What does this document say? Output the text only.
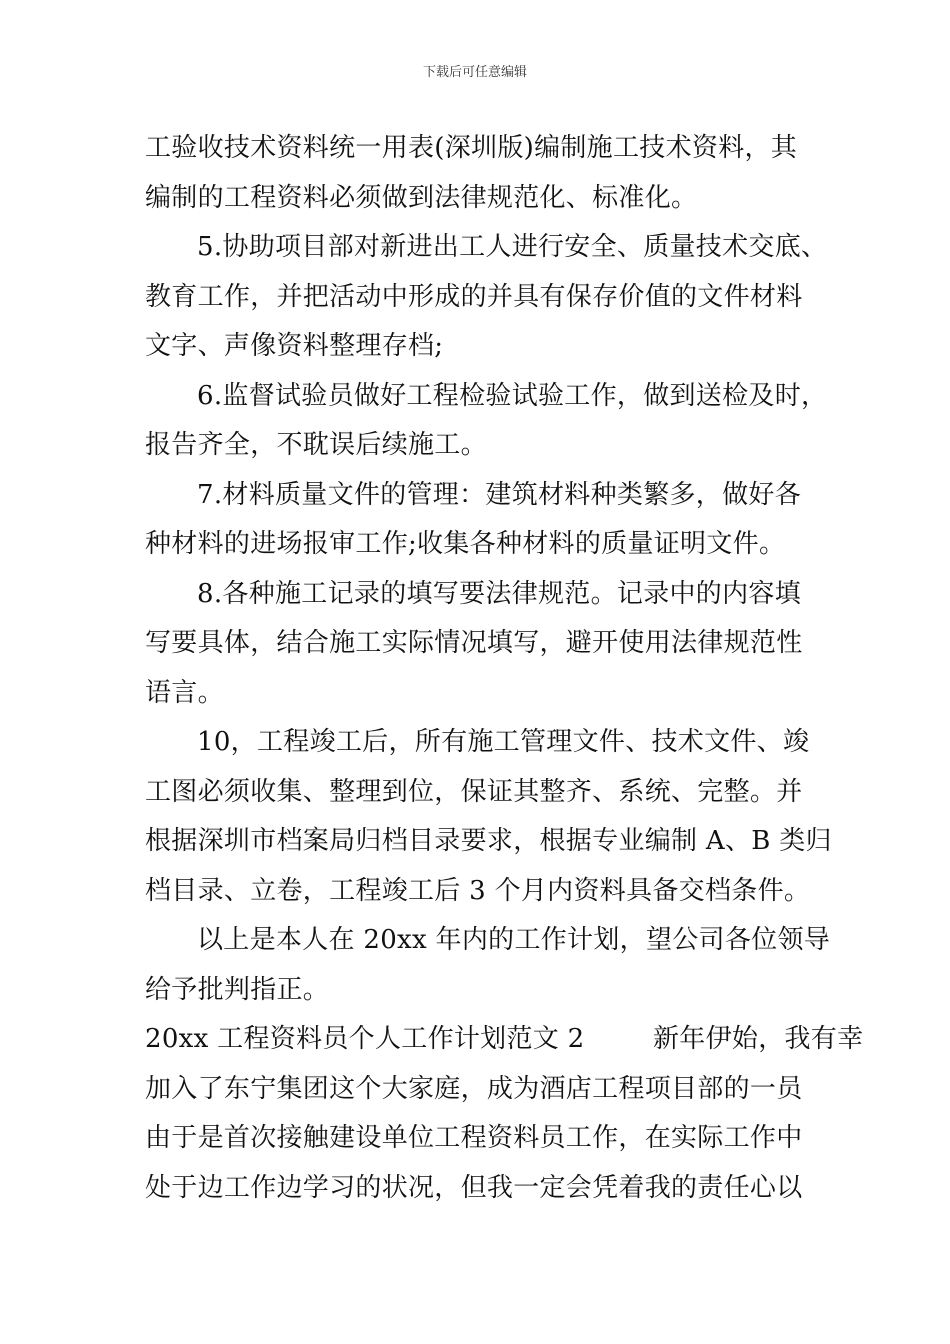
下载后可任意编辑
工验收技术资料统一用表(深圳版)编制施工技术资料，其
编制的工程资料必须做到法律规范化、标准化。
5.协助项目部对新进出工人进行安全、质量技术交底、
教育工作，并把活动中形成的并具有保存价值的文件材料
文字、声像资料整理存档;
6.监督试验员做好工程检验试验工作，做到送检及时，
报告齐全，不耽误后续施工。
7.材料质量文件的管理：建筑材料种类繁多，做好各
种材料的进场报审工作;收集各种材料的质量证明文件。
8.各种施工记录的填写要法律规范。记录中的内容填
写要具体，结合施工实际情况填写，避开使用法律规范性
语言。
10，工程竣工后，所有施工管理文件、技术文件、竣
工图必须收集、整理到位，保证其整齐、系统、完整。并
根据深圳市档案局归档目录要求，根据专业编制 A、B 类归
档目录、立卷，工程竣工后 3 个月内资料具备交档条件。
以上是本人在 20xx 年内的工作计划，望公司各位领导
给予批判指正。
20xx 工程资料员个人工作计划范文 2        新年伊始，我有幸
加入了东宁集团这个大家庭，成为酒店工程项目部的一员
由于是首次接触建设单位工程资料员工作，在实际工作中
处于边工作边学习的状况，但我一定会凭着我的责任心以
